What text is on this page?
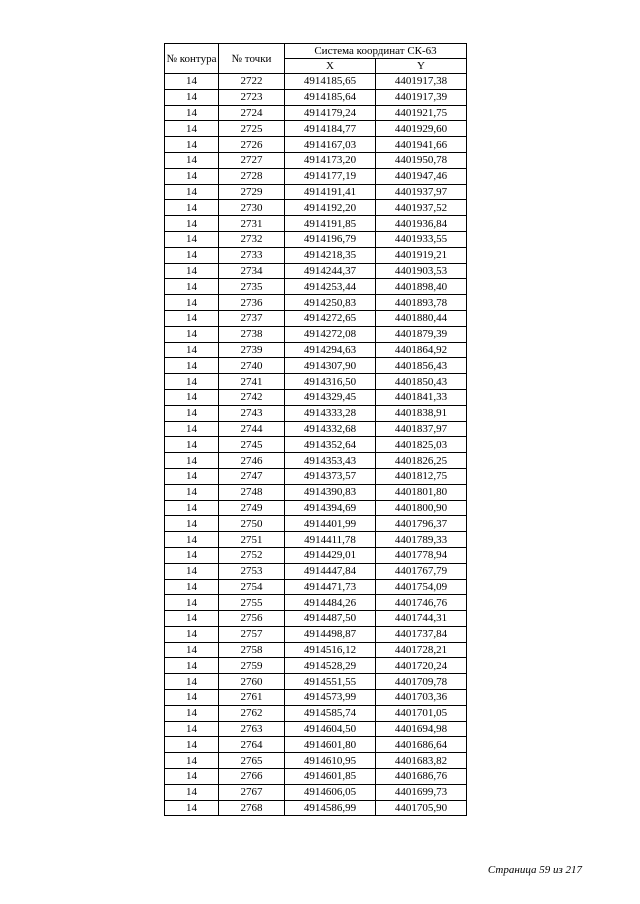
№ контура	№ точки	Система координат СК-63	
		X	Y
14	2722	4914185,65	4401917,38
14	2723	4914185,64	4401917,39
14	2724	4914179,24	4401921,75
14	2725	4914184,77	4401929,60
14	2726	4914167,03	4401941,66
14	2727	4914173,20	4401950,78
14	2728	4914177,19	4401947,46
14	2729	4914191,41	4401937,97
14	2730	4914192,20	4401937,52
14	2731	4914191,85	4401936,84
14	2732	4914196,79	4401933,55
14	2733	4914218,35	4401919,21
14	2734	4914244,37	4401903,53
14	2735	4914253,44	4401898,40
14	2736	4914250,83	4401893,78
14	2737	4914272,65	4401880,44
14	2738	4914272,08	4401879,39
14	2739	4914294,63	4401864,92
14	2740	4914307,90	4401856,43
14	2741	4914316,50	4401850,43
14	2742	4914329,45	4401841,33
14	2743	4914333,28	4401838,91
14	2744	4914332,68	4401837,97
14	2745	4914352,64	4401825,03
14	2746	4914353,43	4401826,25
14	2747	4914373,57	4401812,75
14	2748	4914390,83	4401801,80
14	2749	4914394,69	4401800,90
14	2750	4914401,99	4401796,37
14	2751	4914411,78	4401789,33
14	2752	4914429,01	4401778,94
14	2753	4914447,84	4401767,79
14	2754	4914471,73	4401754,09
14	2755	4914484,26	4401746,76
14	2756	4914487,50	4401744,31
14	2757	4914498,87	4401737,84
14	2758	4914516,12	4401728,21
14	2759	4914528,29	4401720,24
14	2760	4914551,55	4401709,78
14	2761	4914573,99	4401703,36
14	2762	4914585,74	4401701,05
14	2763	4914604,50	4401694,98
14	2764	4914601,80	4401686,64
14	2765	4914610,95	4401683,82
14	2766	4914601,85	4401686,76
14	2767	4914606,05	4401699,73
14	2768	4914586,99	4401705,90
Страница 59 из 217
